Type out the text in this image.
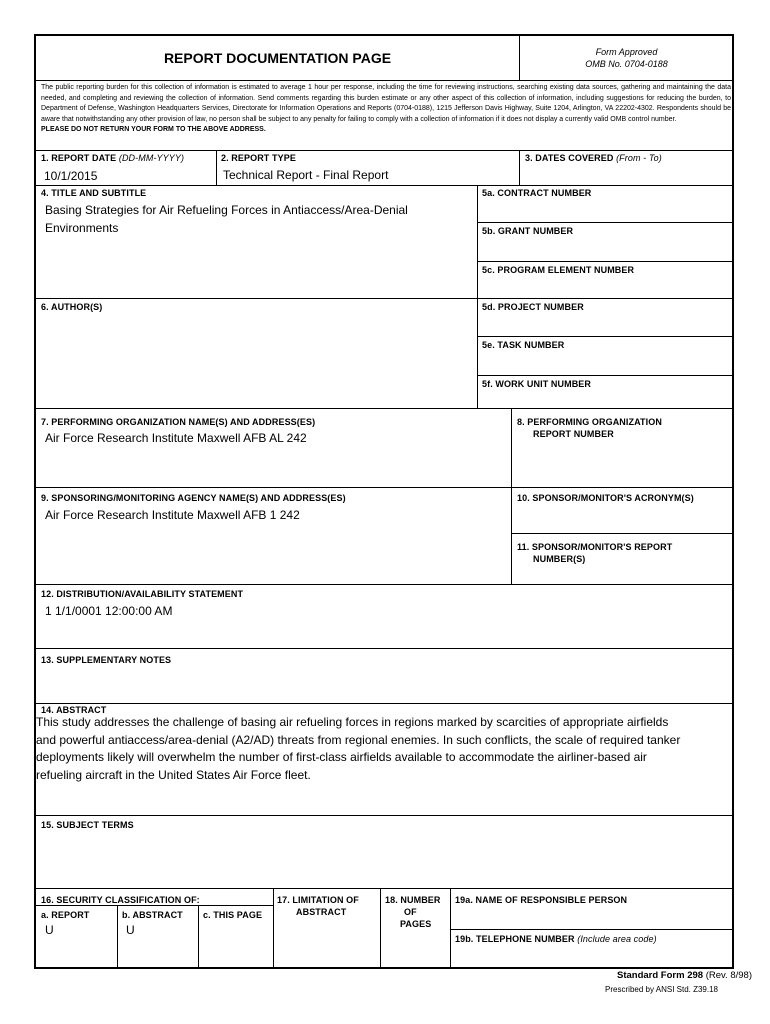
REPORT DOCUMENTATION PAGE	Form Approved
OMB No. 0704-0188
The public reporting burden for this collection of information is estimated to average 1 hour per response, including the time for reviewing instructions, searching existing data sources, gathering and maintaining the data needed, and completing and reviewing the collection of information. Send comments regarding this burden estimate or any other aspect of this collection of information, including suggestions for reducing the burden, to Department of Defense, Washington Headquarters Services, Directorate for Information Operations and Reports (0704-0188), 1215 Jefferson Davis Highway, Suite 1204, Arlington, VA 22202-4302. Respondents should be aware that notwithstanding any other provision of law, no person shall be subject to any penalty for failing to comply with a collection of information if it does not display a currently valid OMB control number.
PLEASE DO NOT RETURN YOUR FORM TO THE ABOVE ADDRESS.
1. REPORT DATE (DD-MM-YYYY)
10/1/2015
2. REPORT TYPE
Technical Report - Final Report
3. DATES COVERED (From - To)
4. TITLE AND SUBTITLE
Basing Strategies for Air Refueling Forces in Antiaccess/Area-Denial
Environments
5a. CONTRACT NUMBER
5b. GRANT NUMBER
5c. PROGRAM ELEMENT NUMBER
6. AUTHOR(S)	5d. PROJECT NUMBER
5e. TASK NUMBER
5f. WORK UNIT NUMBER
7. PERFORMING ORGANIZATION NAME(S) AND ADDRESS(ES)
Air Force Research Institute Maxwell AFB AL 242
8. PERFORMING ORGANIZATION
REPORT NUMBER
9. SPONSORING/MONITORING AGENCY NAME(S) AND ADDRESS(ES)
Air Force Research Institute Maxwell AFB 1 242
10. SPONSOR/MONITOR'S ACRONYM(S)
11. SPONSOR/MONITOR'S REPORT
NUMBER(S)
12. DISTRIBUTION/AVAILABILITY STATEMENT
1 1/1/0001 12:00:00 AM
13. SUPPLEMENTARY NOTES
14. ABSTRACT
This study addresses the challenge of basing air refueling forces in regions marked by scarcities of appropriate airfields
and powerful antiaccess/area-denial (A2/AD) threats from regional enemies. In such conflicts, the scale of required tanker
deployments likely will overwhelm the number of first-class airfields available to accommodate the airliner-based air
refueling aircraft in the United States Air Force fleet.
15. SUBJECT TERMS
16. SECURITY CLASSIFICATION OF:
a. REPORT
U
b. ABSTRACT
U
c. THIS PAGE
17. LIMITATION OF
ABSTRACT
18. NUMBER
OF
PAGES
19a. NAME OF RESPONSIBLE PERSON
19b. TELEPHONE NUMBER (Include area code)
Standard Form 298 (Rev. 8/98)
Prescribed by ANSI Std. Z39.18
